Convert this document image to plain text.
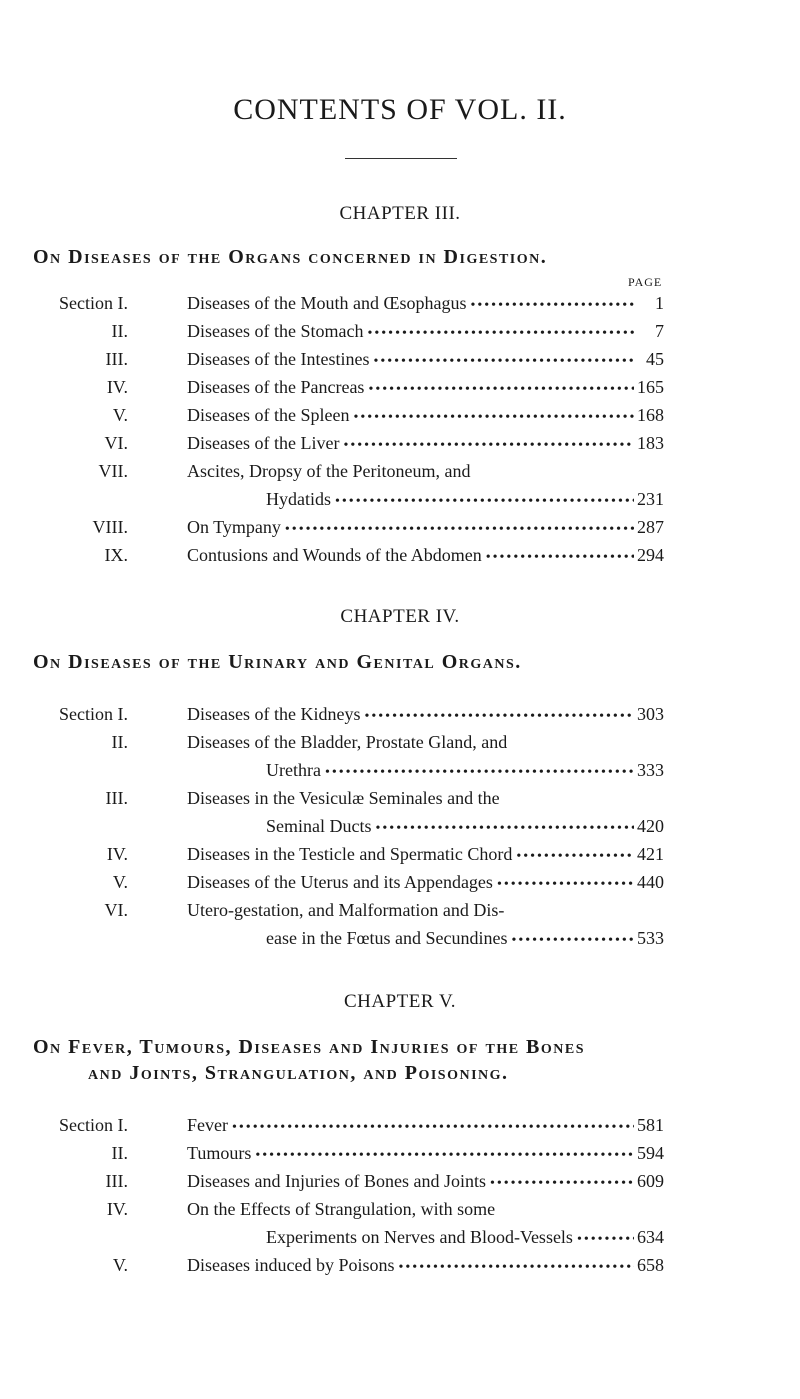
CONTENTS OF VOL. II.
CHAPTER III.
On Diseases of the Organs concerned in Digestion.
PAGE
Section I.	Diseases of the Mouth and Œsophagus •••••	1
II.	Diseases of the Stomach •••••	7
III.	Diseases of the Intestines •••••	45
IV.	Diseases of the Pancreas •••••	165
V.	Diseases of the Spleen •••••	168
VI.	Diseases of the Liver •••••	183
VII.	Ascites, Dropsy of the Peritoneum, and
Hydatids •••••	231
VIII.	On Tympany •••••	287
IX.	Contusions and Wounds of the Abdomen •••••	294
CHAPTER IV.
On Diseases of the Urinary and Genital Organs.
Section I.	Diseases of the Kidneys •••••	303
II.	Diseases of the Bladder, Prostate Gland, and
Urethra •••••	333
III.	Diseases in the Vesiculæ Seminales and the
Seminal Ducts •••••	420
IV.	Diseases in the Testicle and Spermatic Chord •••••	421
V.	Diseases of the Uterus and its Appendages •••••	440
VI.	Utero-gestation, and Malformation and Dis-
ease in the Fœtus and Secundines •••••	533
CHAPTER V.
On Fever, Tumours, Diseases and Injuries of the Bones
and Joints, Strangulation, and Poisoning.
Section I.	Fever •••••	581
II.	Tumours •••••	594
III.	Diseases and Injuries of Bones and Joints •••••	609
IV.	On the Effects of Strangulation, with some
Experiments on Nerves and Blood-Vessels •••••	634
V.	Diseases induced by Poisons •••••	658
